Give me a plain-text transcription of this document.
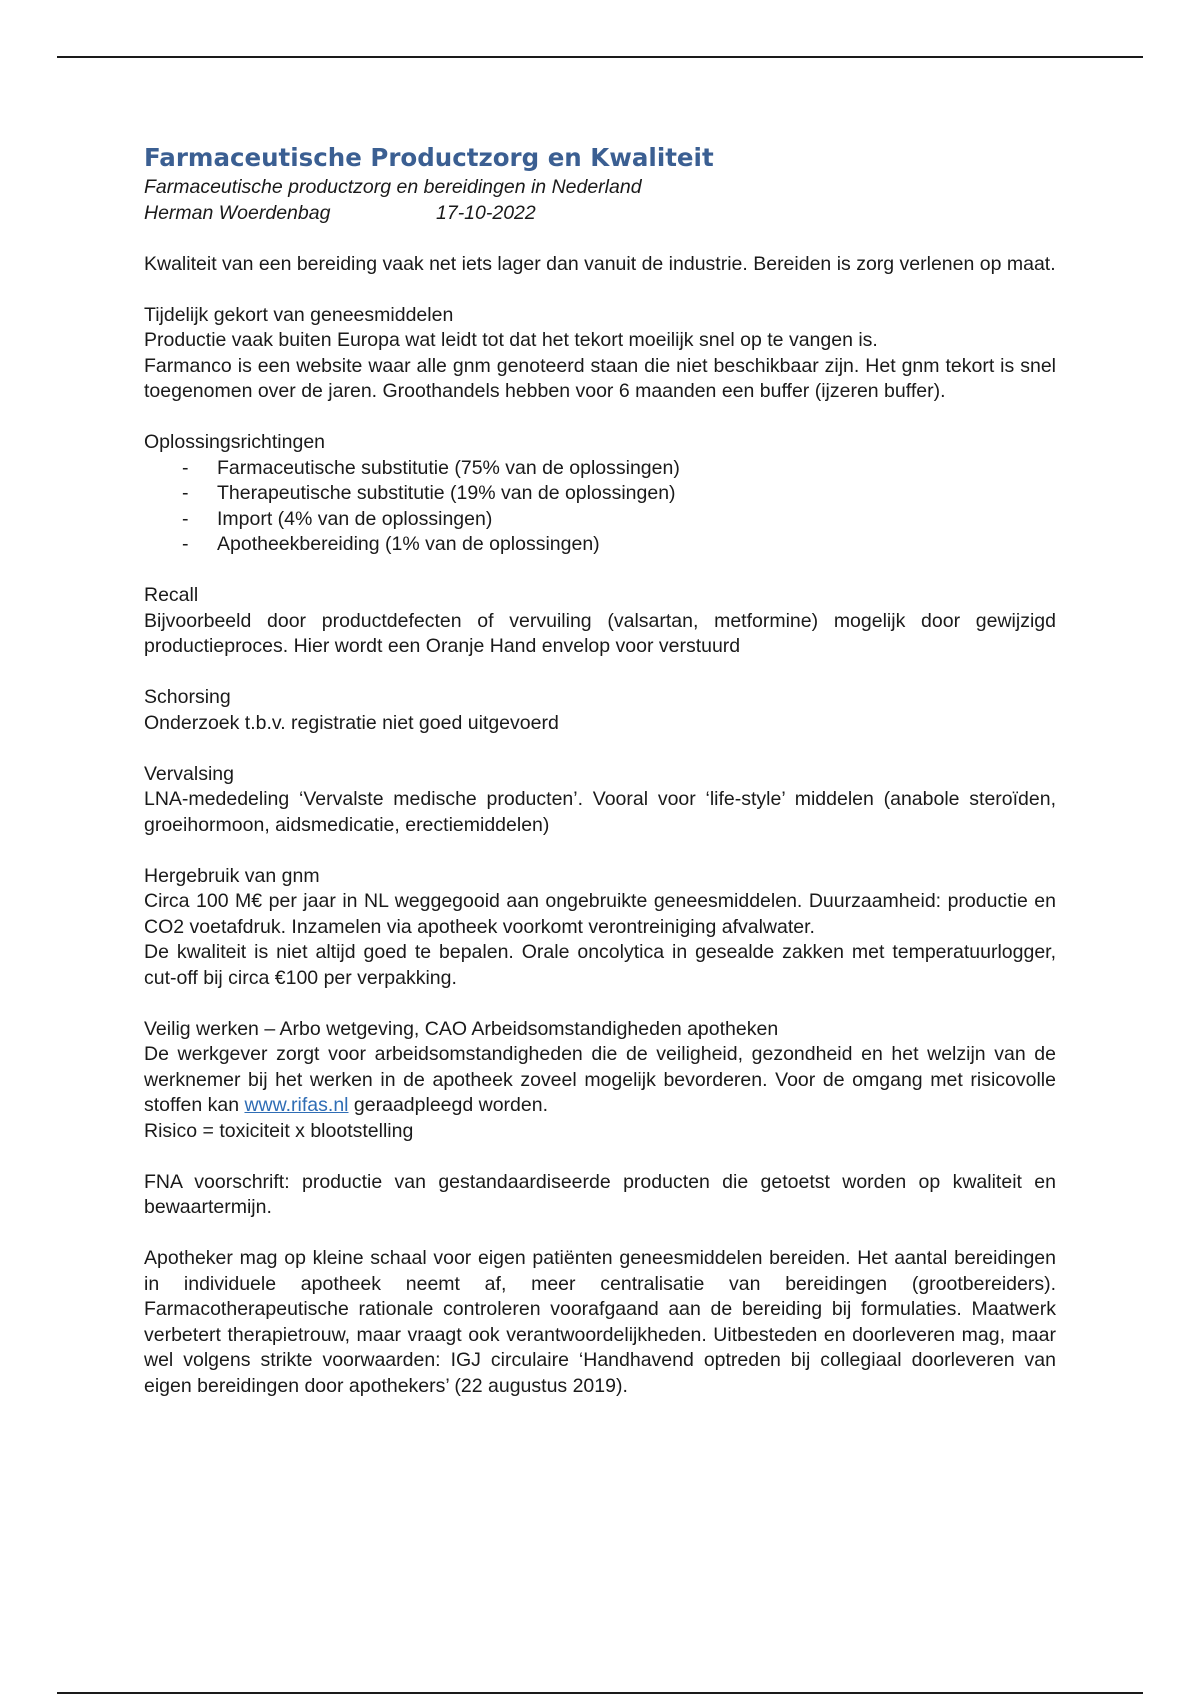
Farmaceutische Productzorg en Kwaliteit
Farmaceutische productzorg en bereidingen in Nederland
Herman Woerdenbag	17-10-2022

Kwaliteit van een bereiding vaak net iets lager dan vanuit de industrie. Bereiden is zorg verlenen op maat.

Tijdelijk gekort van geneesmiddelen

Productie vaak buiten Europa wat leidt tot dat het tekort moeilijk snel op te vangen is.

Farmanco is een website waar alle gnm genoteerd staan die niet beschikbaar zijn. Het gnm tekort is snel toegenomen over de jaren. Groothandels hebben voor 6 maanden een buffer (ijzeren buffer).

Oplossingsrichtingen

- Farmaceutische substitutie (75% van de oplossingen)
- Therapeutische substitutie (19% van de oplossingen)
- Import (4% van de oplossingen)
- Apotheekbereiding (1% van de oplossingen)

Recall

Bijvoorbeeld door productdefecten of vervuiling (valsartan, metformine) mogelijk door gewijzigd productieproces. Hier wordt een Oranje Hand envelop voor verstuurd

Schorsing

Onderzoek t.b.v. registratie niet goed uitgevoerd

Vervalsing

LNA-mededeling ‘Vervalste medische producten’. Vooral voor ‘life-style’ middelen (anabole steroïden, groeihormoon, aidsmedicatie, erectiemiddelen)

Hergebruik van gnm

Circa 100 M€ per jaar in NL weggegooid aan ongebruikte geneesmiddelen. Duurzaamheid: productie en CO2 voetafdruk. Inzamelen via apotheek voorkomt verontreiniging afvalwater.

De kwaliteit is niet altijd goed te bepalen. Orale oncolytica in gesealde zakken met temperatuurlogger, cut-off bij circa €100 per verpakking.

Veilig werken – Arbo wetgeving, CAO Arbeidsomstandigheden apotheken

De werkgever zorgt voor arbeidsomstandigheden die de veiligheid, gezondheid en het welzijn van de werknemer bij het werken in de apotheek zoveel mogelijk bevorderen. Voor de omgang met risicovolle stoffen kan www.rifas.nl geraadpleegd worden.

Risico = toxiciteit x blootstelling

FNA voorschrift: productie van gestandaardiseerde producten die getoetst worden op kwaliteit en bewaartermijn.

Apotheker mag op kleine schaal voor eigen patiënten geneesmiddelen bereiden. Het aantal bereidingen in individuele apotheek neemt af, meer centralisatie van bereidingen (grootbereiders). Farmacotherapeutische rationale controleren voorafgaand aan de bereiding bij formulaties. Maatwerk verbetert therapietrouw, maar vraagt ook verantwoordelijkheden. Uitbesteden en doorleveren mag, maar wel volgens strikte voorwaarden: IGJ circulaire ‘Handhavend optreden bij collegiaal doorleveren van eigen bereidingen door apothekers’ (22 augustus 2019).
